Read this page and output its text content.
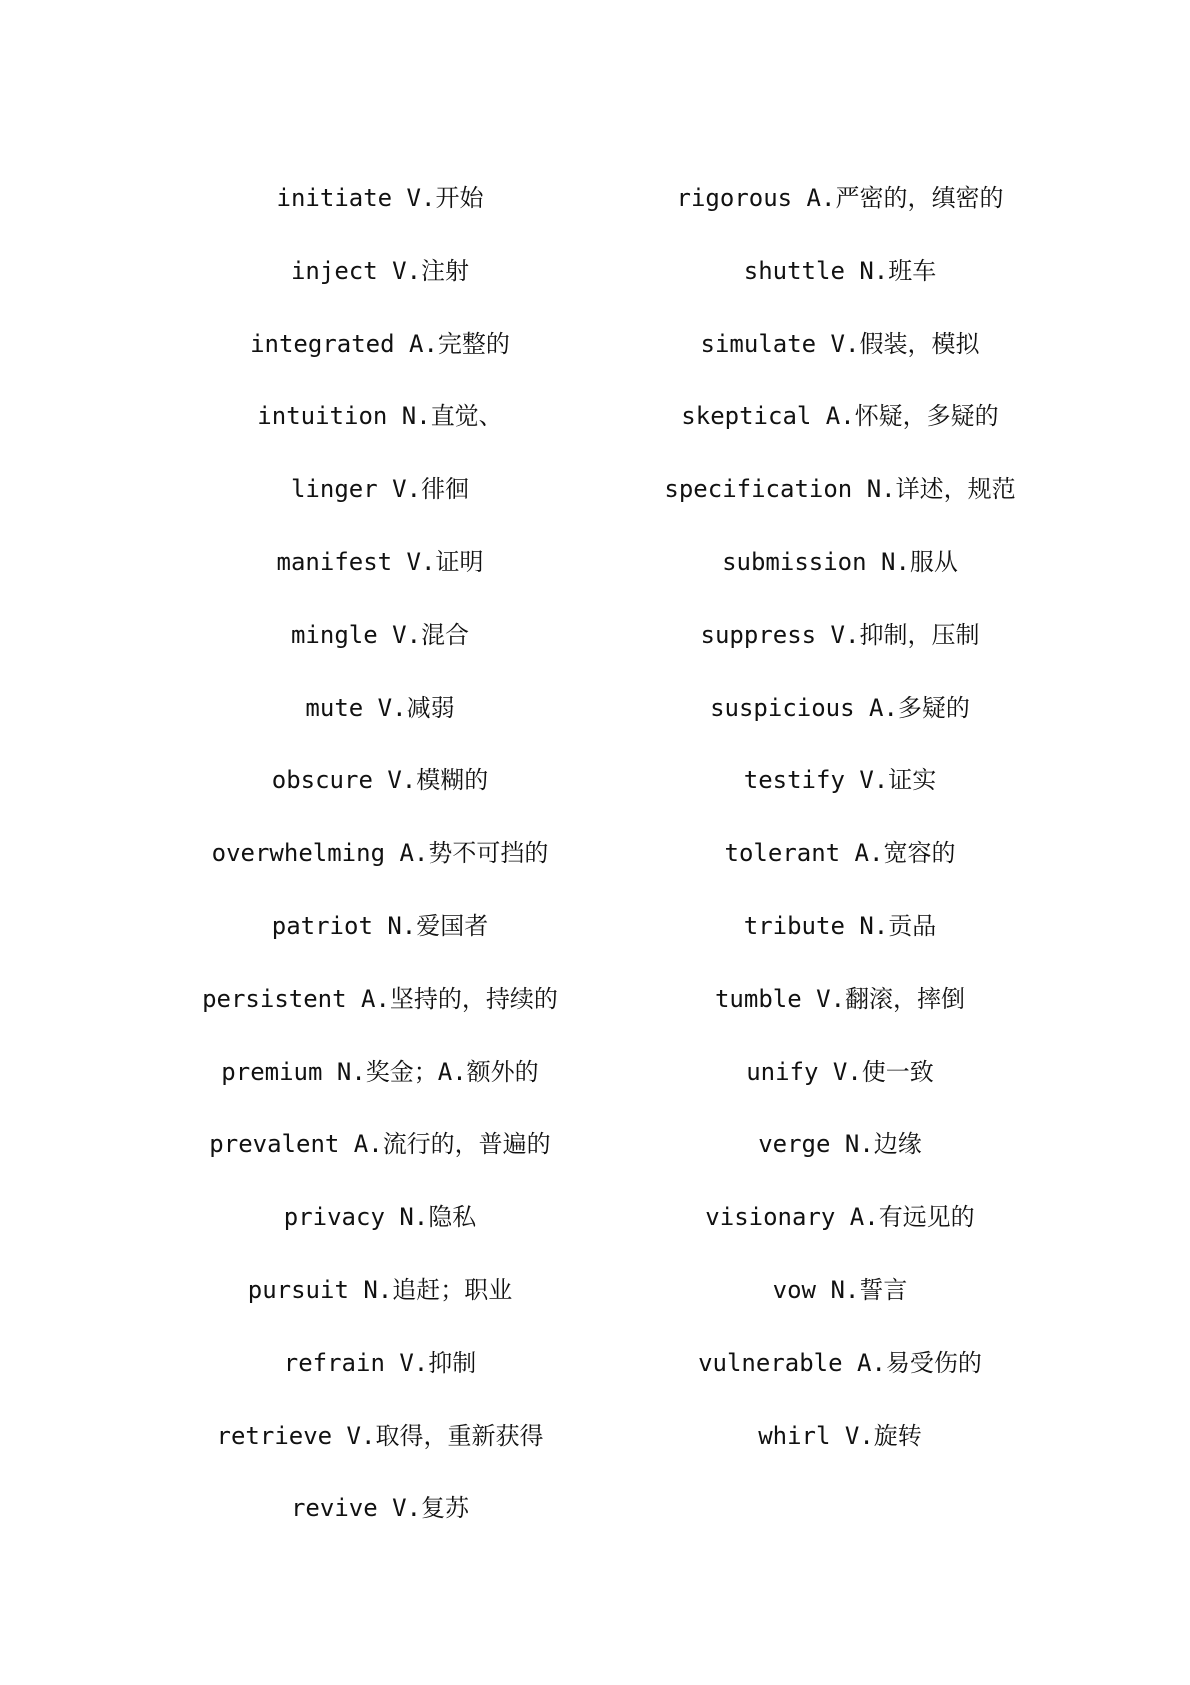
initiate V.开始
inject V.注射
integrated A.完整的
intuition N.直觉、
linger V.徘徊
manifest V.证明
mingle V.混合
mute V.减弱
obscure V.模糊的
overwhelming A.势不可挡的
patriot N.爱国者
persistent A.坚持的，持续的
premium N.奖金；A.额外的
prevalent A.流行的，普遍的
privacy N.隐私
pursuit N.追赶；职业
refrain V.抑制
retrieve V.取得，重新获得
revive V.复苏
rigorous A.严密的，缜密的
shuttle N.班车
simulate V.假装，模拟
skeptical A.怀疑，多疑的
specification N.详述，规范
submission N.服从
suppress V.抑制，压制
suspicious A.多疑的
testify V.证实
tolerant A.宽容的
tribute N.贡品
tumble V.翻滚，摔倒
unify V.使一致
verge N.边缘
visionary A.有远见的
vow N.誓言
vulnerable A.易受伤的
whirl V.旋转
